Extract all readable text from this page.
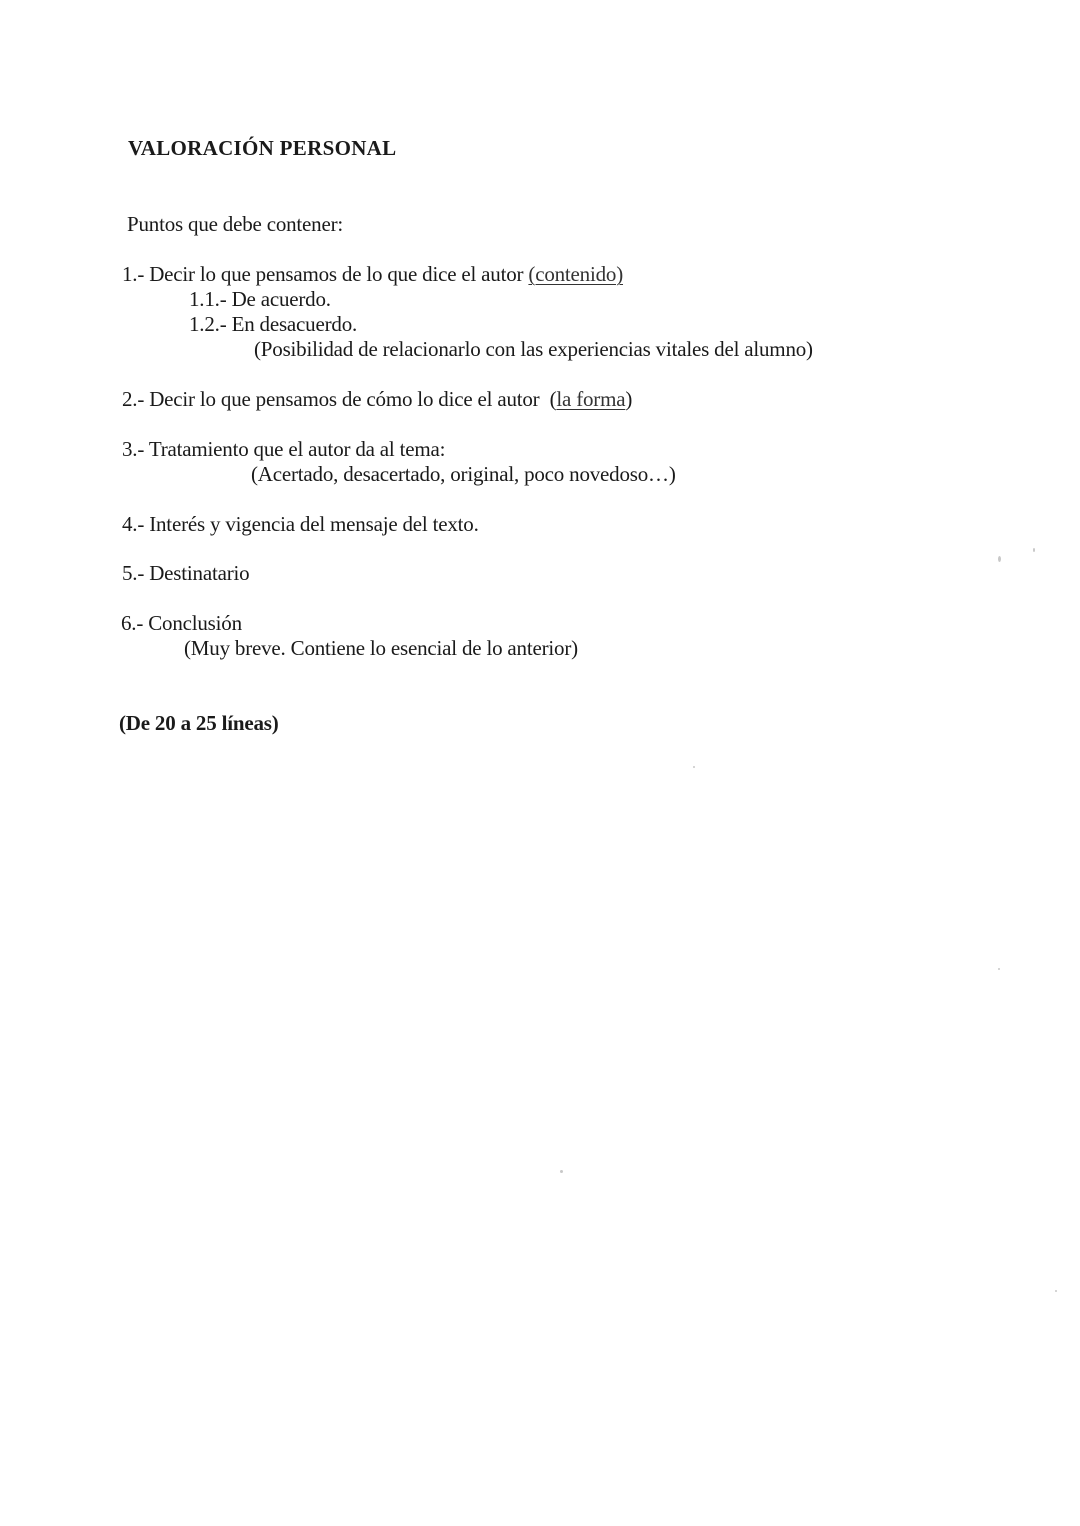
VALORACIÓN PERSONAL
Puntos que debe contener:
1.- Decir lo que pensamos de lo que dice el autor (contenido)
1.1.- De acuerdo.
1.2.- En desacuerdo.
(Posibilidad de relacionarlo con las experiencias vitales del alumno)
2.- Decir lo que pensamos de cómo lo dice el autor (la forma)
3.- Tratamiento que el autor da al tema:
(Acertado, desacertado, original, poco novedoso…)
4.- Interés y vigencia del mensaje del texto.
5.- Destinatario
6.- Conclusión
(Muy breve. Contiene lo esencial de lo anterior)
(De 20 a 25 líneas)
